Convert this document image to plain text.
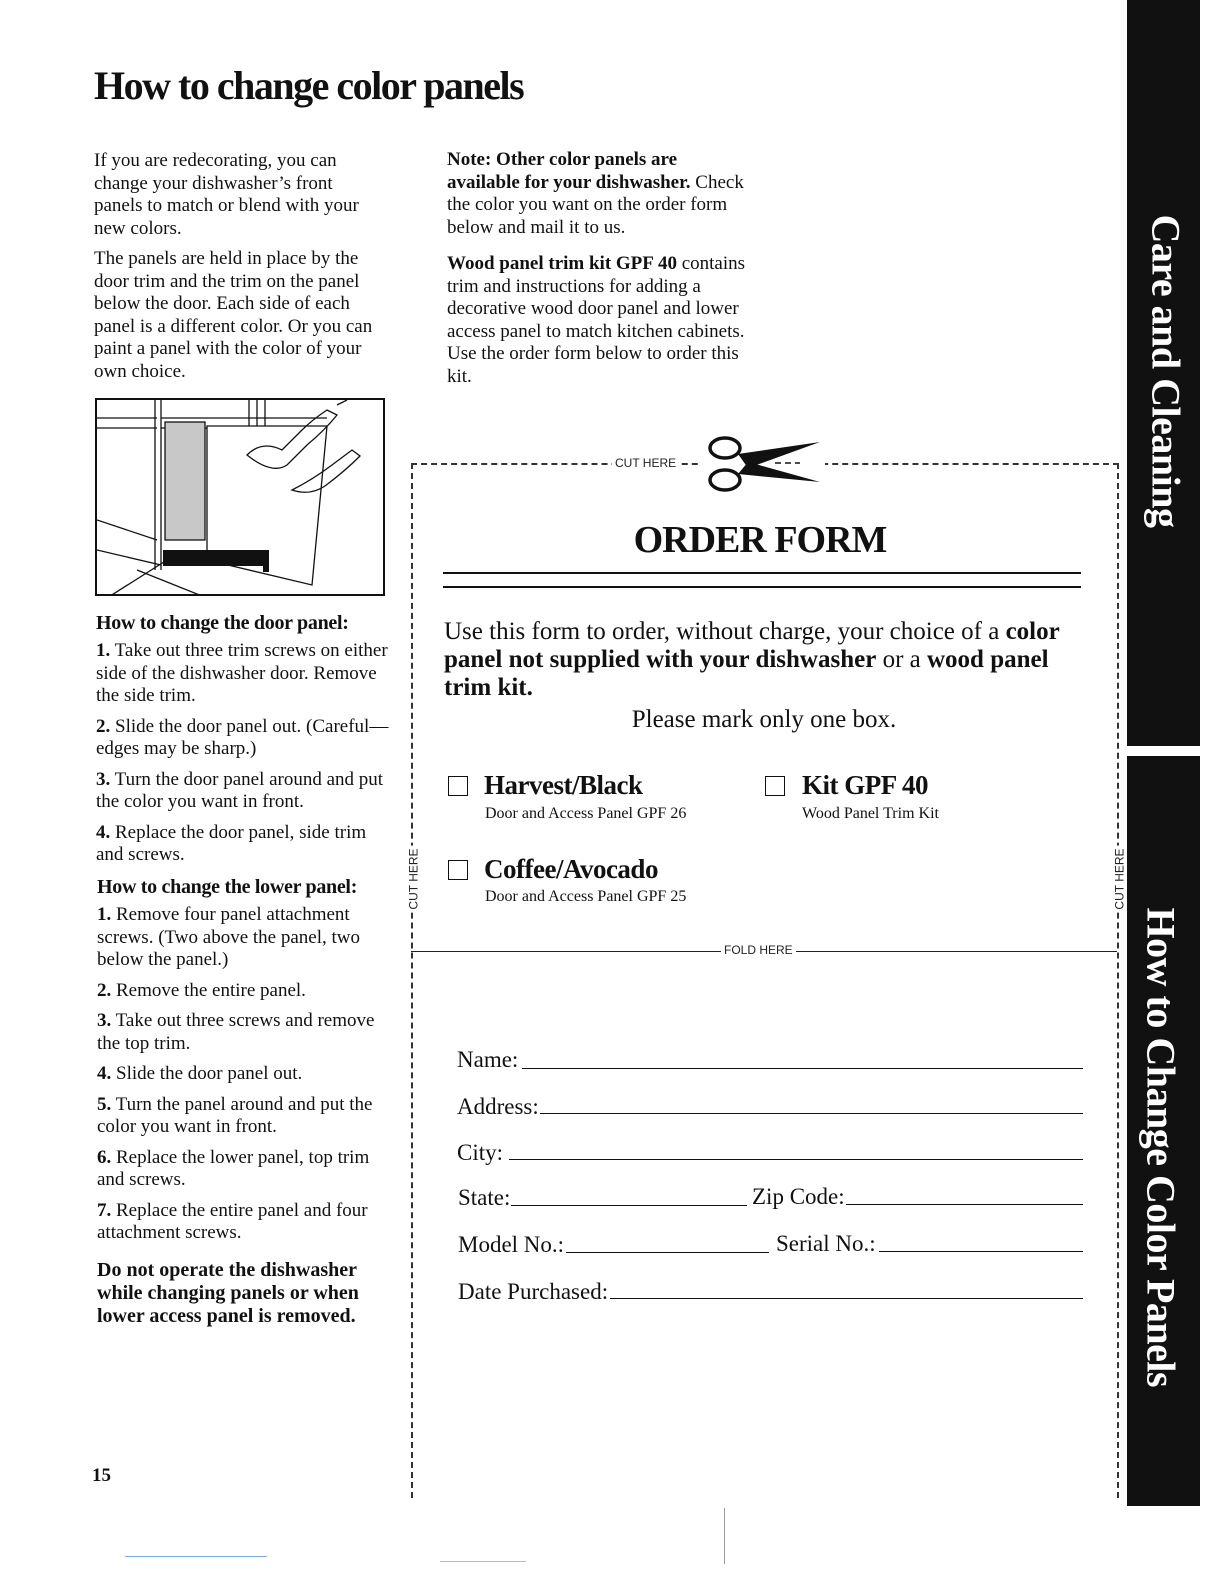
How to change color panels

If you are redecorating, you can change your dishwasher’s front panels to match or blend with your new colors.

The panels are held in place by the door trim and the trim on the panel below the door. Each side of each panel is a different color. Or you can paint a panel with the color of your own choice.

Note: Other color panels are available for your dishwasher. Check the color you want on the order form below and mail it to us.

Wood panel trim kit GPF 40 contains trim and instructions for adding a decorative wood door panel and lower access panel to match kitchen cabinets. Use the order form below to order this kit.

How to change the door panel:

1. Take out three trim screws on either side of the dishwasher door. Remove the side trim.

2. Slide the door panel out. (Careful—edges may be sharp.)

3. Turn the door panel around and put the color you want in front.

4. Replace the door panel, side trim and screws.

How to change the lower panel:

1. Remove four panel attachment screws. (Two above the panel, two below the panel.)

2. Remove the entire panel.

3. Take out three screws and remove the top trim.

4. Slide the door panel out.

5. Turn the panel around and put the color you want in front.

6. Replace the lower panel, top trim and screws.

7. Replace the entire panel and four attachment screws.

Do not operate the dishwasher while changing panels or when lower access panel is removed.

CUT HERE
CUT HERE	CUT HERE
ORDER FORM
Use this form to order, without charge, your choice of a color panel not supplied with your dishwasher or a wood panel trim kit.
Please mark only one box.
Harvest/Black
Door and Access Panel GPF 26
Kit GPF 40
Wood Panel Trim Kit
Coffee/Avocado
Door and Access Panel GPF 25
FOLD HERE
Name:
Address:
City:
State:	Zip Code:
Model No.:	Serial No.:
Date Purchased:
Care and Cleaning
How to Change Color Panels
15
